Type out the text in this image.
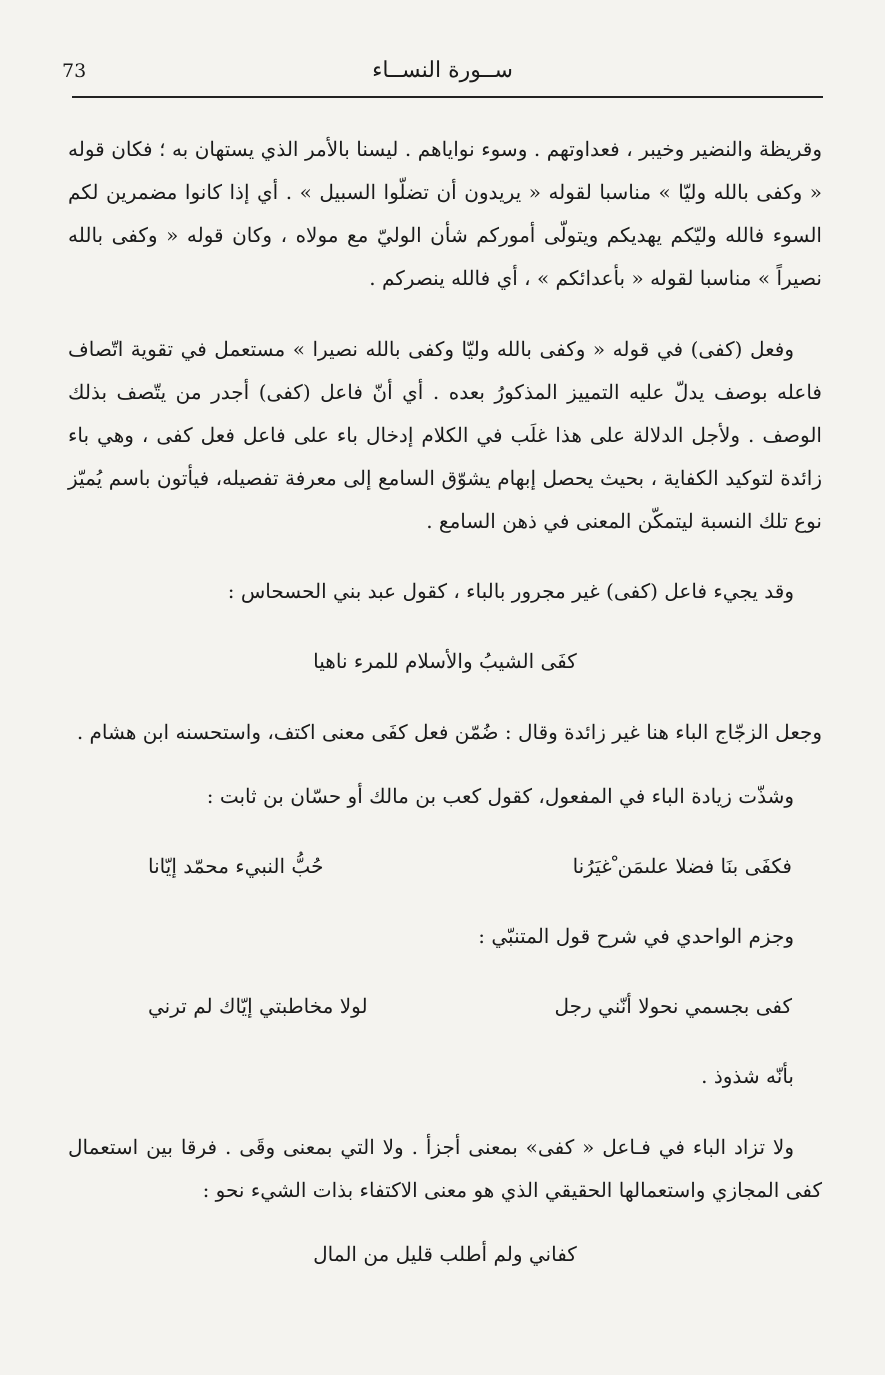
73	ســورة النســاء

وقريظة والنضير وخيبر ، فعداوتهم . وسوء نواياهم . ليسنا بالأمر الذي يستهان به ؛ فكان قوله « وكفى بالله وليّا » مناسبا لقوله « يريدون أن تضلّوا السبيل » . أي إذا كانوا مضمرين لكم السوء فالله وليّكم يهديكم ويتولّى أموركم شأن الوليّ مع مولاه ، وكان قوله « وكفى بالله نصيراً » مناسبا لقوله « بأعدائكم » ، أي فالله ينصركم .

وفعل (كفى) في قوله « وكفى بالله وليّا وكفى بالله نصيرا » مستعمل في تقوية اتّصاف فاعله بوصف يدلّ عليه التمييز المذكورُ بعده . أي أنّ فاعل (كفى) أجدر من يتّصف بذلك الوصف . ولأجل الدلالة على هذا غلَب في الكلام إدخال باء على فاعل فعل كفى ، وهي باء زائدة لتوكيد الكفاية ، بحيث يحصل إبهام يشوّق السامع إلى معرفة تفصيله، فيأتون باسم يُميّز نوع تلك النسبة ليتمكّن المعنى في ذهن السامع .

وقد يجيء فاعل (كفى) غير مجرور بالباء ، كقول عبد بني الحسحاس :
كفَى الشيبُ والأسلام للمرء ناهيا

وجعل الزجّاج الباء هنا غير زائدة وقال : ضُمّن فعل كفَى معنى اكتف، واستحسنه ابن هشام .

وشذّت زيادة الباء في المفعول، كقول كعب بن مالك أو حسّان بن ثابت :
فكفَى بنَا فضلا علىمَن ْغيَرُنا
حُبُّ النبيء محمّد إيّانا
وجزم الواحدي في شرح قول المتنبّي :
كفى بجسمي نحولا أنّني رجل
لولا مخاطبتي إيّاك لم ترني
بأنّه شذوذ .

ولا تزاد الباء في فـاعل « كفى» بمعنى أجزأ . ولا التي بمعنى وقَى . فرقا بين استعمال كفى المجازي واستعمالها الحقيقي الذي هو معنى الاكتفاء بذات الشيء نحو :

كفاني ولم أطلب قليل من المال
